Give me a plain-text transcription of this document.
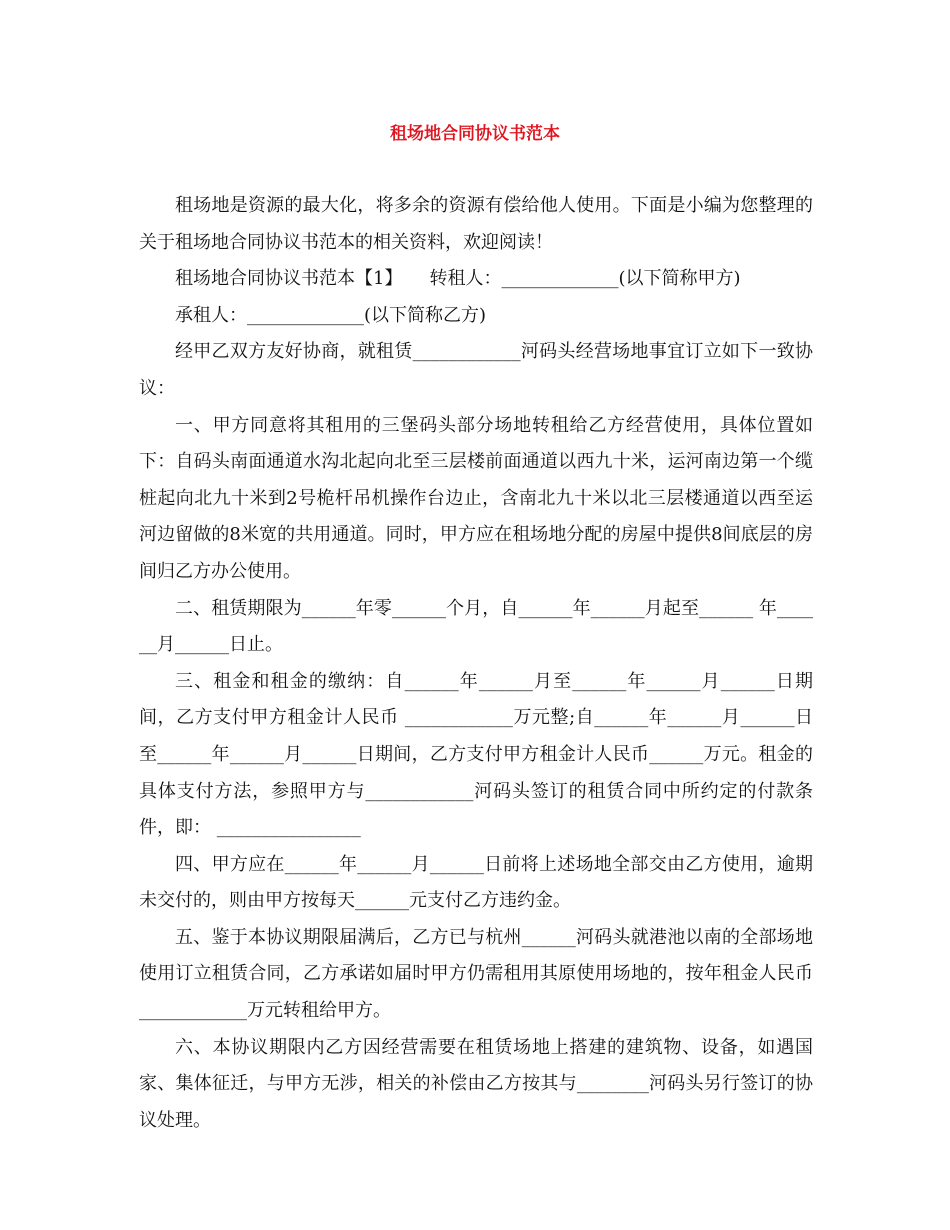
租场地合同协议书范本

租场地是资源的最大化，将多余的资源有偿给他人使用。下面是小编为您整理的关于租场地合同协议书范本的相关资料，欢迎阅读！

租场地合同协议书范本【1】　　转租人：_____________(以下简称甲方)

承租人：_____________(以下简称乙方)

经甲乙双方友好协商，就租赁____________河码头经营场地事宜订立如下一致协议：

一、甲方同意将其租用的三堡码头部分场地转租给乙方经营使用，具体位置如下：自码头南面通道水沟北起向北至三层楼前面通道以西九十米，运河南边第一个缆桩起向北九十米到2号桅杆吊机操作台边止，含南北九十米以北三层楼通道以西至运河边留做的8米宽的共用通道。同时，甲方应在租场地分配的房屋中提供8间底层的房间归乙方办公使用。

二、租赁期限为______年零______个月，自______年______月起至______ 年______月______日止。

三、租金和租金的缴纳：自______年______月至______年______月______日期间，乙方支付甲方租金计人民币 ____________万元整;自______年______月______日至______年______月______日期间，乙方支付甲方租金计人民币______万元。租金的具体支付方法，参照甲方与____________河码头签订的租赁合同中所约定的付款条件，即： ________________

四、甲方应在______年______月______日前将上述场地全部交由乙方使用，逾期未交付的，则由甲方按每天______元支付乙方违约金。

五、鉴于本协议期限届满后，乙方已与杭州______河码头就港池以南的全部场地使用订立租赁合同，乙方承诺如届时甲方仍需租用其原使用场地的，按年租金人民币____________万元转租给甲方。

六、本协议期限内乙方因经营需要在租赁场地上搭建的建筑物、设备，如遇国家、集体征迁，与甲方无涉，相关的补偿由乙方按其与________河码头另行签订的协议处理。
